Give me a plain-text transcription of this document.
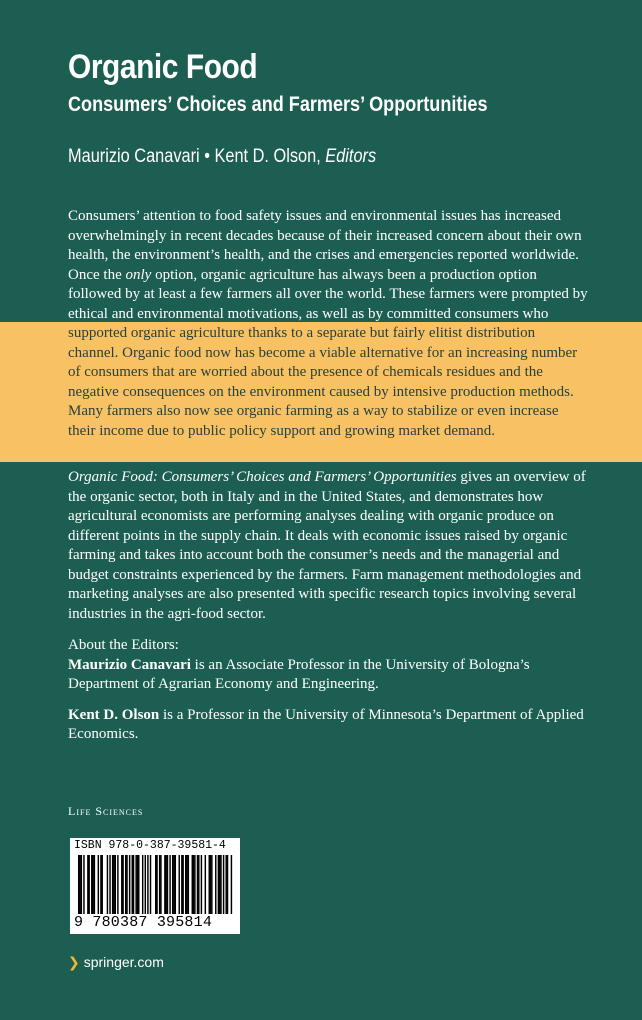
Organic Food
Consumers’ Choices and Farmers’ Opportunities
Maurizio Canavari • Kent D. Olson, Editors
Consumers’ attention to food safety issues and environmental issues has increased overwhelmingly in recent decades because of their increased concern about their own health, the environment’s health, and the crises and emergencies reported worldwide. Once the only option, organic agriculture has always been a production option followed by at least a few farmers all over the world. These farmers were prompted by ethical and environmental motivations, as well as by committed consumers who supported organic agriculture thanks to a separate but fairly elitist distribution channel. Organic food now has become a viable alternative for an increasing number of consumers that are worried about the presence of chemicals residues and the negative consequences on the environment caused by intensive production methods. Many farmers also now see organic farming as a way to stabilize or even increase their income due to public policy support and growing market demand.
Organic Food: Consumers’ Choices and Farmers’ Opportunities gives an overview of the organic sector, both in Italy and in the United States, and demonstrates how agricultural economists are performing analyses dealing with organic produce on different points in the supply chain. It deals with economic issues raised by organic farming and takes into account both the consumer’s needs and the managerial and budget constraints experienced by the farmers. Farm management methodologies and marketing analyses are also presented with specific research topics involving several industries in the agri-food sector.

About the Editors:

Maurizio Canavari is an Associate Professor in the University of Bologna’s Department of Agrarian Economy and Engineering.

Kent D. Olson is a Professor in the University of Minnesota’s Department of Applied Economics.

Life Sciences
ISBN 978-0-387-39581-4
9 780387 395814
❯ springer.com
